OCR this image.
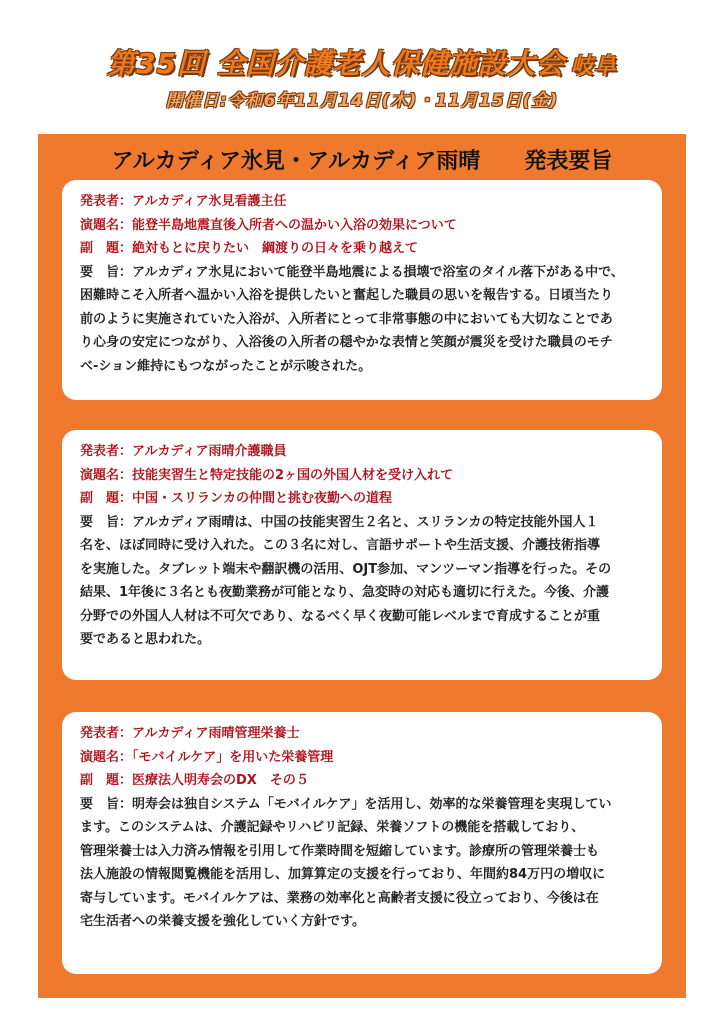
第35回 全国介護老人保健施設大会 岐阜
開催日:令和6年11月14日(木)・11月15日(金)
アルカディア氷見・アルカディア雨晴　　発表要旨
発表者：アルカディア氷見看護主任
演題名：能登半島地震直後入所者への温かい入浴の効果について
副　題：絶対もとに戻りたい　綱渡りの日々を乗り越えて
要　旨：アルカディア氷見において能登半島地震による損壊で浴室のタイル落下がある中で、
困難時こそ入所者へ温かい入浴を提供したいと奮起した職員の思いを報告する。日頃当たり
前のように実施されていた入浴が、入所者にとって非常事態の中においても大切なことであ
り心身の安定につながり、入浴後の入所者の穏やかな表情と笑顔が震災を受けた職員のモチ
ベ-ション維持にもつながったことが示唆された。
発表者：アルカディア雨晴介護職員
演題名：技能実習生と特定技能の2ヶ国の外国人材を受け入れて
副　題：中国・スリランカの仲間と挑む夜勤への道程
要　旨：アルカディア雨晴は、中国の技能実習生２名と、スリランカの特定技能外国人１
名を、ほぼ同時に受け入れた。この３名に対し、言語サポートや生活支援、介護技術指導
を実施した。タブレット端末や翻訳機の活用、OJT参加、マンツーマン指導を行った。その
結果、1年後に３名とも夜勤業務が可能となり、急変時の対応も適切に行えた。今後、介護
分野での外国人人材は不可欠であり、なるべく早く夜勤可能レベルまで育成することが重
要であると思われた。
発表者：アルカディア雨晴管理栄養士
演題名：「モバイルケア」を用いた栄養管理
副　題：医療法人明寿会のDX　その５
要　旨：明寿会は独自システム「モバイルケア」を活用し、効率的な栄養管理を実現してい
ます。このシステムは、介護記録やリハビリ記録、栄養ソフトの機能を搭載しており、
管理栄養士は入力済み情報を引用して作業時間を短縮しています。診療所の管理栄養士も
法人施設の情報閲覧機能を活用し、加算算定の支援を行っており、年間約84万円の増収に
寄与しています。モバイルケアは、業務の効率化と高齢者支援に役立っており、今後は在
宅生活者への栄養支援を強化していく方針です。
